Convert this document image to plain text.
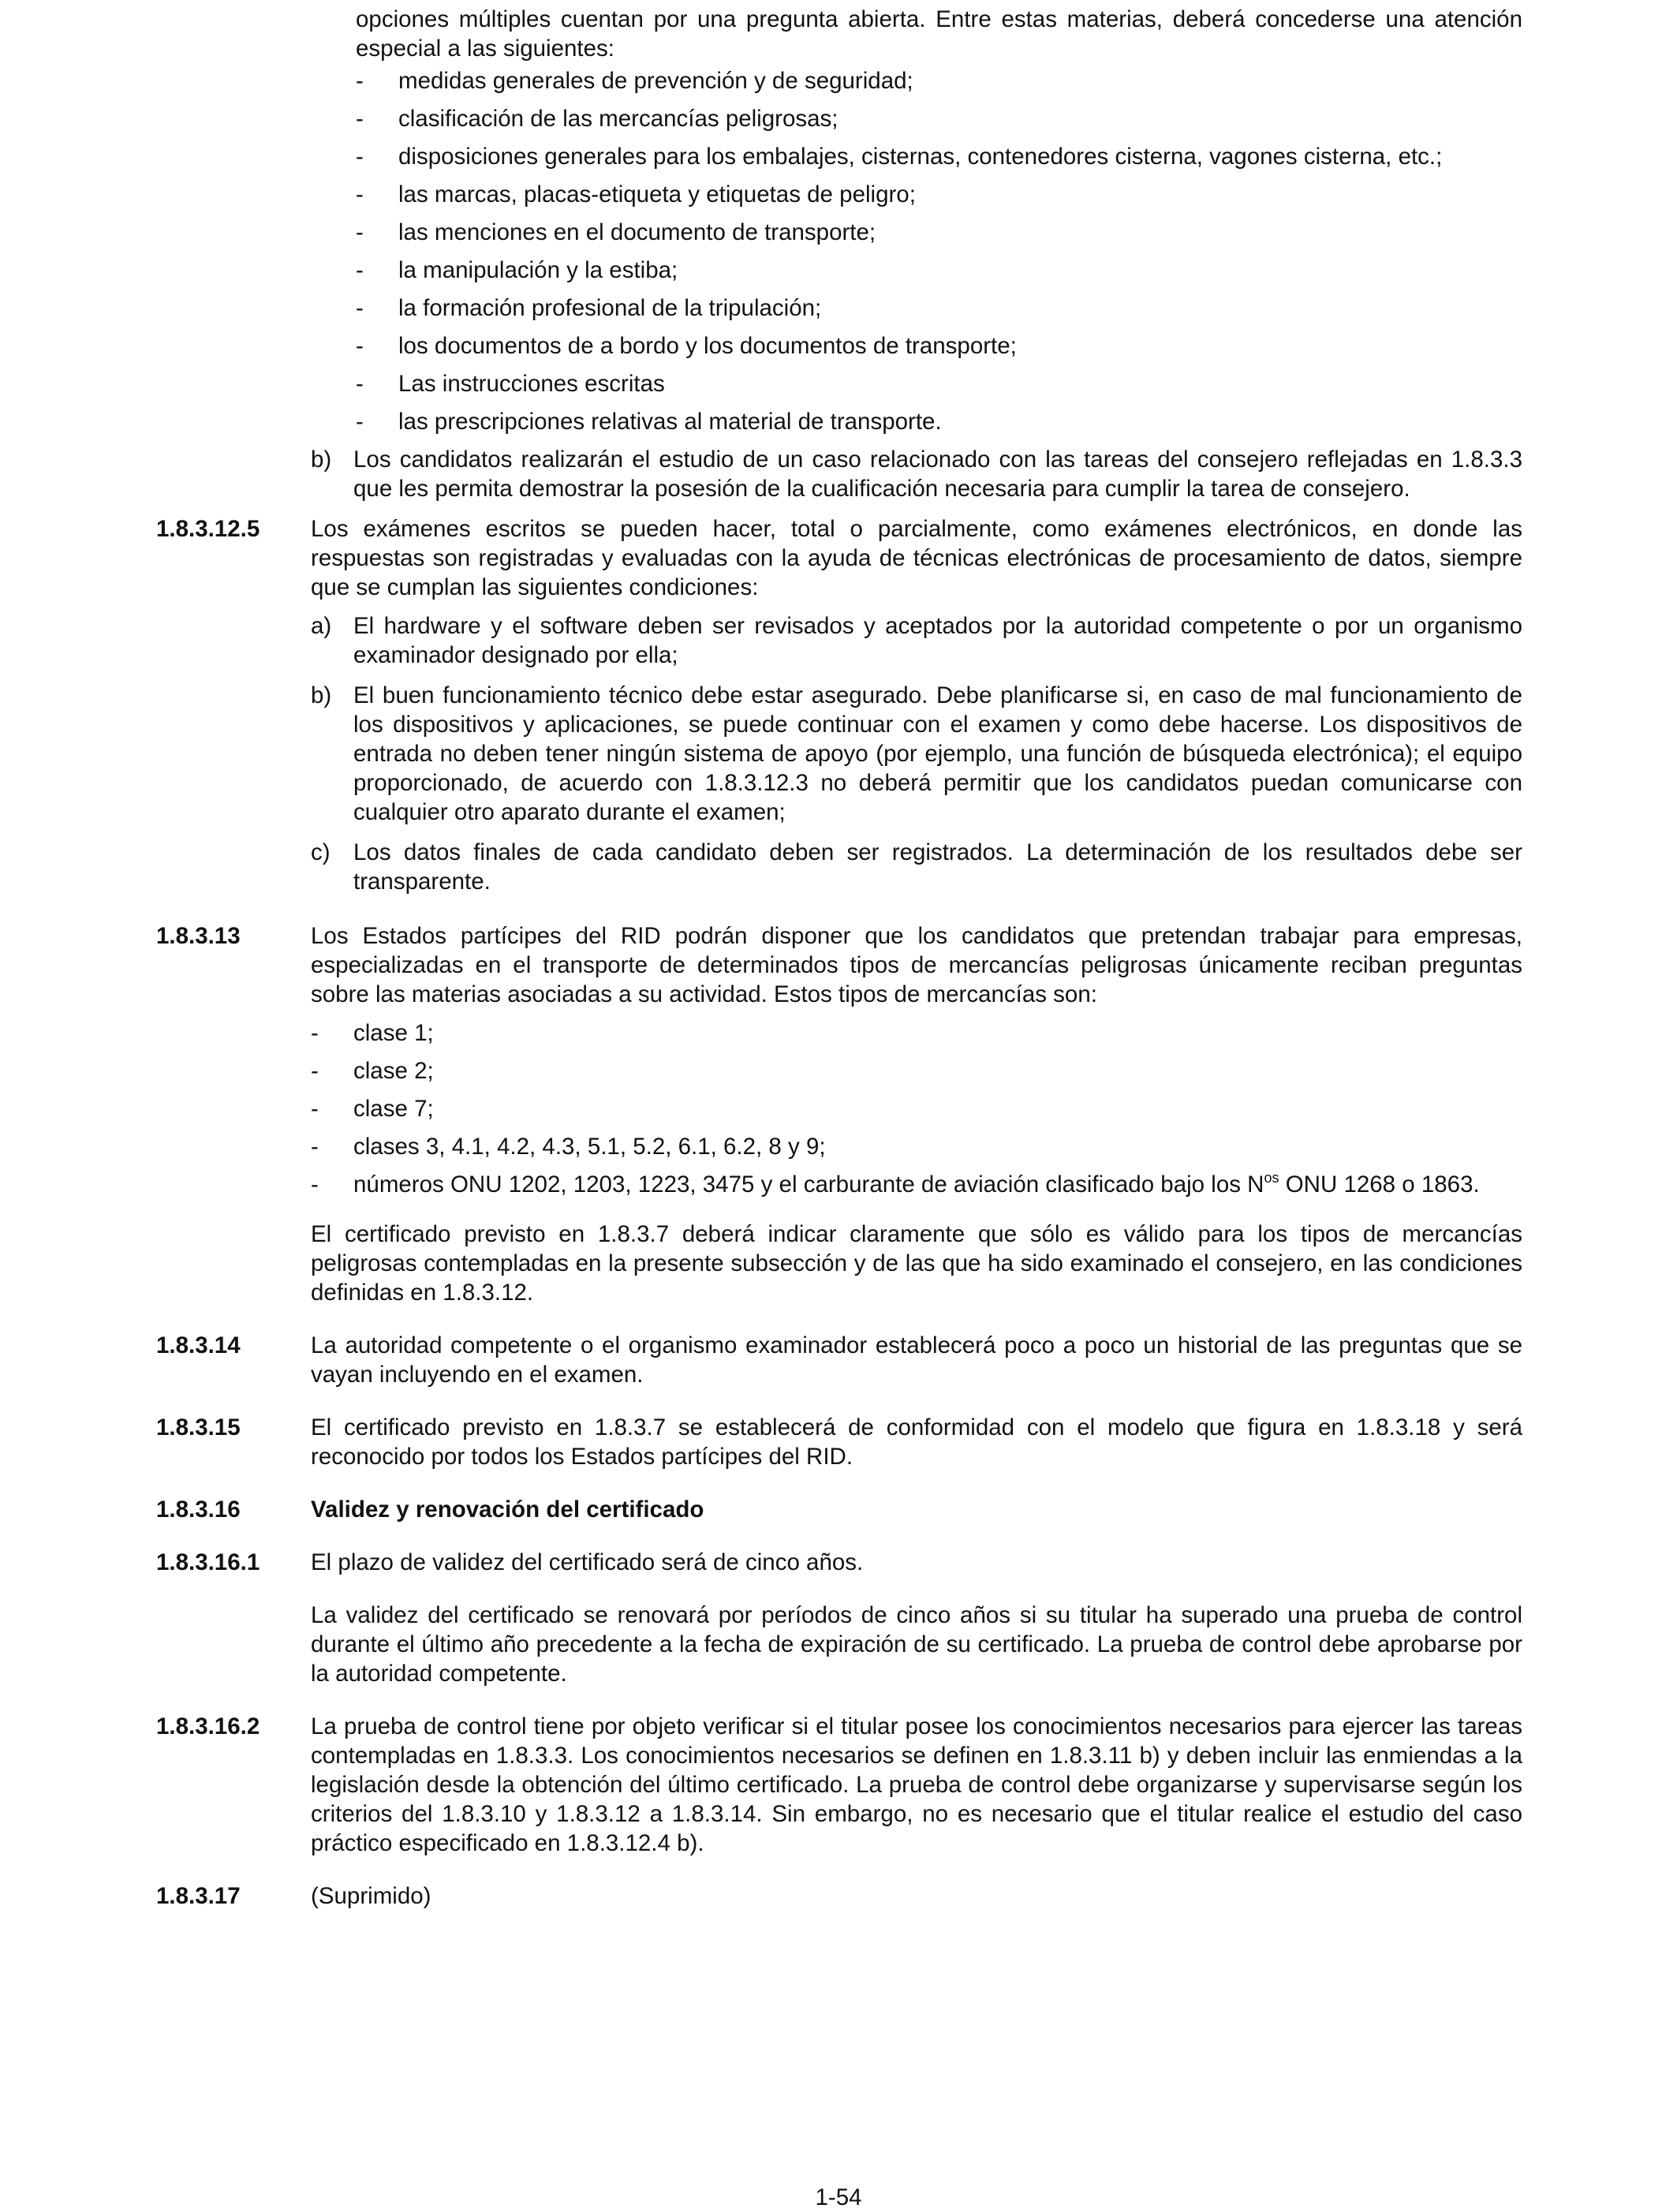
opciones múltiples cuentan por una pregunta abierta. Entre estas materias, deberá concederse una atención especial a las siguientes:

- medidas generales de prevención y de seguridad;
- clasificación de las mercancías peligrosas;
- disposiciones generales para los embalajes, cisternas, contenedores cisterna, vagones cisterna, etc.;
- las marcas, placas-etiqueta y etiquetas de peligro;
- las menciones en el documento de transporte;
- la manipulación y la estiba;
- la formación profesional de la tripulación;
- los documentos de a bordo y los documentos de transporte;
- Las instrucciones escritas
- las prescripciones relativas al material de transporte.
b) Los candidatos realizarán el estudio de un caso relacionado con las tareas del consejero reflejadas en 1.8.3.3 que les permita demostrar la posesión de la cualificación necesaria para cumplir la tarea de consejero.
1.8.3.12.5	Los exámenes escritos se pueden hacer, total o parcialmente, como exámenes electrónicos, en donde las respuestas son registradas y evaluadas con la ayuda de técnicas electrónicas de procesamiento de datos, siempre que se cumplan las siguientes condiciones:

a) El hardware y el software deben ser revisados y aceptados por la autoridad competente o por un organismo examinador designado por ella;
b) El buen funcionamiento técnico debe estar asegurado. Debe planificarse si, en caso de mal funcionamiento de los dispositivos y aplicaciones, se puede continuar con el examen y como debe hacerse. Los dispositivos de entrada no deben tener ningún sistema de apoyo (por ejemplo, una función de búsqueda electrónica); el equipo proporcionado, de acuerdo con 1.8.3.12.3 no deberá permitir que los candidatos puedan comunicarse con cualquier otro aparato durante el examen;
c) Los datos finales de cada candidato deben ser registrados. La determinación de los resultados debe ser transparente.
1.8.3.13	Los Estados partícipes del RID podrán disponer que los candidatos que pretendan trabajar para empresas, especializadas en el transporte de determinados tipos de mercancías peligrosas únicamente reciban preguntas sobre las materias asociadas a su actividad. Estos tipos de mercancías son:

- clase 1;
- clase 2;
- clase 7;
- clases 3, 4.1, 4.2, 4.3, 5.1, 5.2, 6.1, 6.2, 8 y 9;
- números ONU 1202, 1203, 1223, 3475 y el carburante de aviación clasificado bajo los $N^{os}$ ONU 1268 o 1863.

El certificado previsto en 1.8.3.7 deberá indicar claramente que sólo es válido para los tipos de mercancías peligrosas contempladas en la presente subsección y de las que ha sido examinado el consejero, en las condiciones definidas en 1.8.3.12.

1.8.3.14	La autoridad competente o el organismo examinador establecerá poco a poco un historial de las preguntas que se vayan incluyendo en el examen.

1.8.3.15	El certificado previsto en 1.8.3.7 se establecerá de conformidad con el modelo que figura en 1.8.3.18 y será reconocido por todos los Estados partícipes del RID.

1.8.3.16	Validez y renovación del certificado

1.8.3.16.1	El plazo de validez del certificado será de cinco años.

La validez del certificado se renovará por períodos de cinco años si su titular ha superado una prueba de control durante el último año precedente a la fecha de expiración de su certificado. La prueba de control debe aprobarse por la autoridad competente.

1.8.3.16.2	La prueba de control tiene por objeto verificar si el titular posee los conocimientos necesarios para ejercer las tareas contempladas en 1.8.3.3. Los conocimientos necesarios se definen en 1.8.3.11 b) y deben incluir las enmiendas a la legislación desde la obtención del último certificado. La prueba de control debe organizarse y supervisarse según los criterios del 1.8.3.10 y 1.8.3.12 a 1.8.3.14. Sin embargo, no es necesario que el titular realice el estudio del caso práctico especificado en 1.8.3.12.4 b).

1.8.3.17	(Suprimido)

1-54
